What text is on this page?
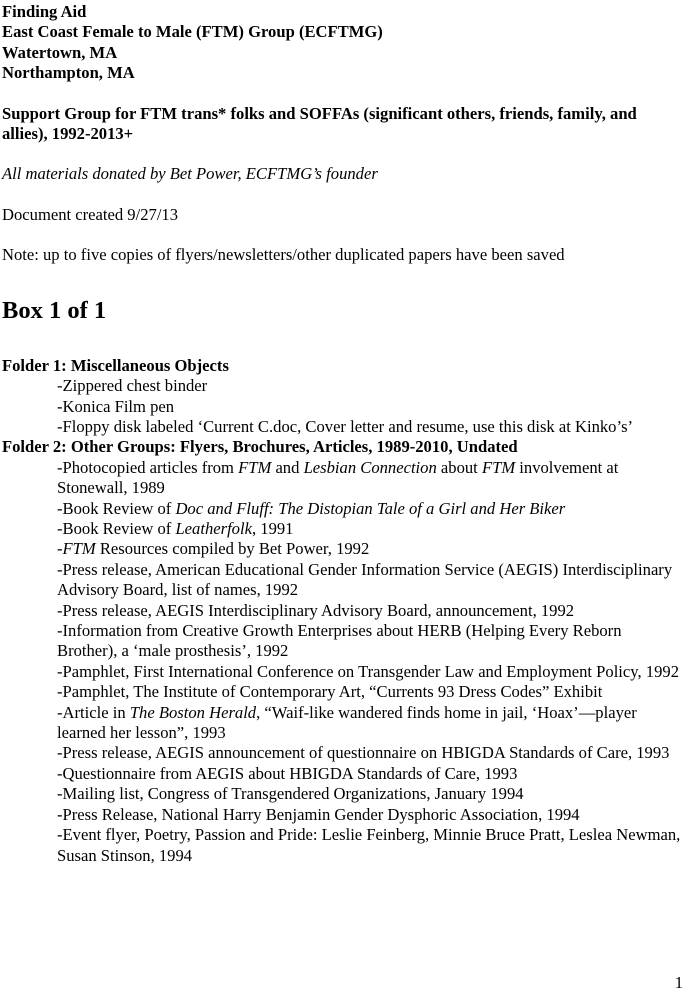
Finding Aid
East Coast Female to Male (FTM) Group (ECFTMG)
Watertown, MA
Northampton, MA
Support Group for FTM trans* folks and SOFFAs (significant others, friends, family, and allies), 1992-2013+
All materials donated by Bet Power, ECFTMG’s founder
Document created 9/27/13
Note: up to five copies of flyers/newsletters/other duplicated papers have been saved
Box 1 of 1
Folder 1: Miscellaneous Objects
-Zippered chest binder
-Konica Film pen
-Floppy disk labeled ‘Current C.doc, Cover letter and resume, use this disk at Kinko’s’
Folder 2: Other Groups: Flyers, Brochures, Articles, 1989-2010, Undated
-Photocopied articles from FTM and Lesbian Connection about FTM involvement at Stonewall, 1989
-Book Review of Doc and Fluff: The Distopian Tale of a Girl and Her Biker
-Book Review of Leatherfolk, 1991
-FTM Resources compiled by Bet Power, 1992
-Press release, American Educational Gender Information Service (AEGIS) Interdisciplinary Advisory Board, list of names, 1992
-Press release, AEGIS Interdisciplinary Advisory Board, announcement, 1992
-Information from Creative Growth Enterprises about HERB (Helping Every Reborn Brother), a ‘male prosthesis’, 1992
-Pamphlet, First International Conference on Transgender Law and Employment Policy, 1992
-Pamphlet, The Institute of Contemporary Art, “Currents 93 Dress Codes” Exhibit
-Article in The Boston Herald, “Waif-like wandered finds home in jail, ‘Hoax’—player learned her lesson”, 1993
-Press release, AEGIS announcement of questionnaire on HBIGDA Standards of Care, 1993
-Questionnaire from AEGIS about HBIGDA Standards of Care, 1993
-Mailing list, Congress of Transgendered Organizations, January 1994
-Press Release, National Harry Benjamin Gender Dysphoric Association, 1994
-Event flyer, Poetry, Passion and Pride: Leslie Feinberg, Minnie Bruce Pratt, Leslea Newman, Susan Stinson, 1994
1
